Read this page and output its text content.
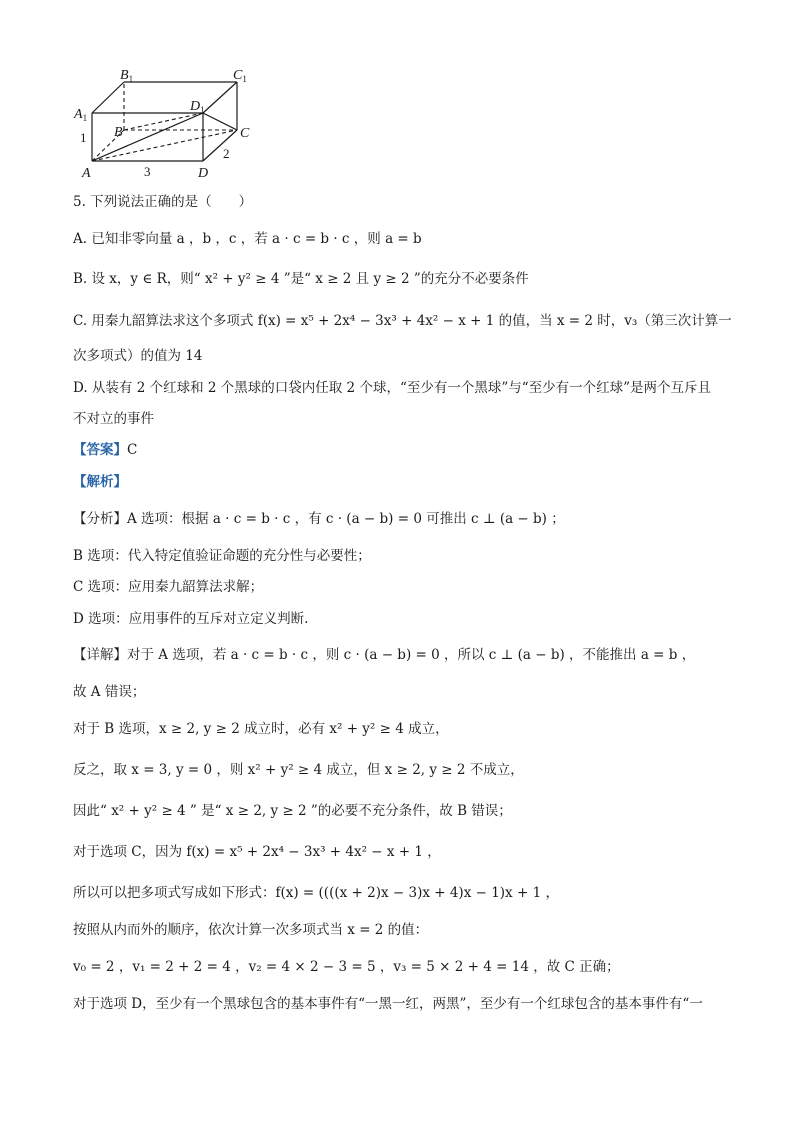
$B_1$	$C_1$
$A_1$
$D_1$
B	C
A	D
1
3
2
5. 下列说法正确的是（　　）
A. 已知非零向量 a ，b ，c ，若 a · c = b · c ，则 a = b
B. 设 x，y ∈ R，则“ x² + y² ≥ 4 ”是“ x ≥ 2 且 y ≥ 2 ”的充分不必要条件
C. 用秦九韶算法求这个多项式 f(x) = x⁵ + 2x⁴ − 3x³ + 4x² − x + 1 的值，当 x = 2 时，v₃（第三次计算一
次多项式）的值为 14
D. 从装有 2 个红球和 2 个黑球的口袋内任取 2 个球，“至少有一个黑球”与“至少有一个红球”是两个互斥且
不对立的事件
【答案】C
【解析】
【分析】A 选项：根据 a · c = b · c ，有 c · (a − b) = 0 可推出 c ⊥ (a − b) ；
B 选项：代入特定值验证命题的充分性与必要性；
C 选项：应用秦九韶算法求解；
D 选项：应用事件的互斥对立定义判断.
【详解】对于 A 选项，若 a · c = b · c ，则 c · (a − b) = 0 ，所以 c ⊥ (a − b) ，不能推出 a = b ，
故 A 错误；
对于 B 选项，x ≥ 2, y ≥ 2 成立时，必有 x² + y² ≥ 4 成立，
反之，取 x = 3, y = 0 ，则 x² + y² ≥ 4 成立，但 x ≥ 2, y ≥ 2 不成立，
因此“ x² + y² ≥ 4 ” 是“ x ≥ 2, y ≥ 2 ”的必要不充分条件，故 B 错误；
对于选项 C，因为 f(x) = x⁵ + 2x⁴ − 3x³ + 4x² − x + 1 ，
所以可以把多项式写成如下形式：f(x) = ((((x + 2)x − 3)x + 4)x − 1)x + 1 ，
按照从内而外的顺序，依次计算一次多项式当 x = 2 的值：
v₀ = 2 ，v₁ = 2 + 2 = 4 ，v₂ = 4 × 2 − 3 = 5 ，v₃ = 5 × 2 + 4 = 14 ，故 C 正确；
对于选项 D，至少有一个黑球包含的基本事件有“一黑一红，两黑”，至少有一个红球包含的基本事件有“一
